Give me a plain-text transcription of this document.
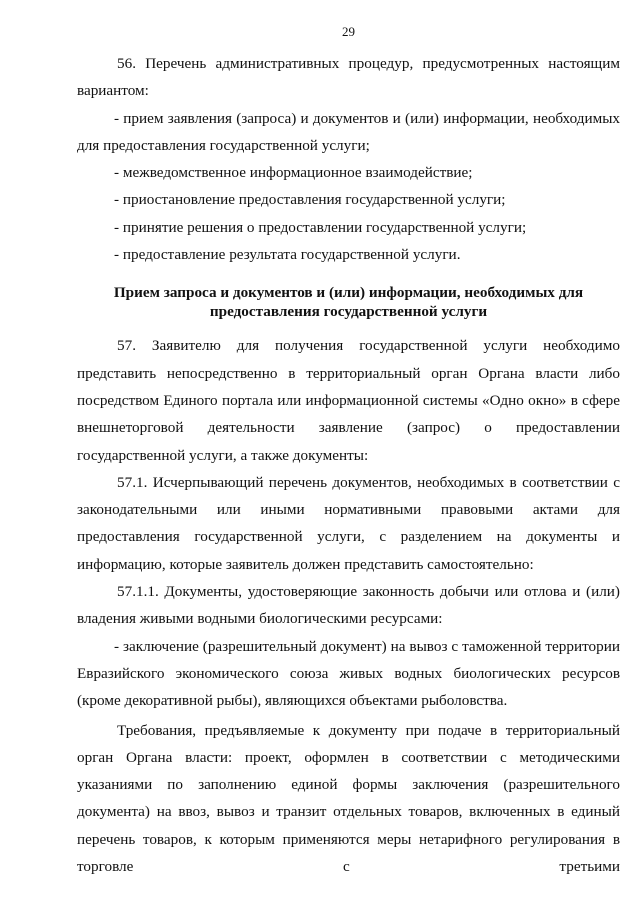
29

56. Перечень административных процедур, предусмотренных настоящим вариантом:

- прием заявления (запроса) и документов и (или) информации, необходимых для предоставления государственной услуги;

- межведомственное информационное взаимодействие;

- приостановление предоставления государственной услуги;

- принятие решения о предоставлении государственной услуги;

- предоставление результата государственной услуги.

Прием запроса и документов и (или) информации, необходимых для
предоставления государственной услуги

57. Заявителю для получения государственной услуги необходимо представить непосредственно в территориальный орган Органа власти либо посредством Единого портала или информационной системы «Одно окно» в сфере внешнеторговой деятельности заявление (запрос) о предоставлении государственной услуги, а также документы:

57.1. Исчерпывающий перечень документов, необходимых в соответствии с законодательными или иными нормативными правовыми актами для предоставления государственной услуги, с разделением на документы и информацию, которые заявитель должен представить самостоятельно:

57.1.1. Документы, удостоверяющие законность добычи или отлова и (или) владения живыми водными биологическими ресурсами:

- заключение (разрешительный документ) на вывоз с таможенной территории Евразийского экономического союза живых водных биологических ресурсов (кроме декоративной рыбы), являющихся объектами рыболовства.

Требования, предъявляемые к документу при подаче в территориальный орган Органа власти: проект, оформлен в соответствии с методическими указаниями по заполнению единой формы заключения (разрешительного документа) на ввоз, вывоз и транзит отдельных товаров, включенных в единый перечень товаров, к которым применяются меры нетарифного регулирования в торговле с третьими
